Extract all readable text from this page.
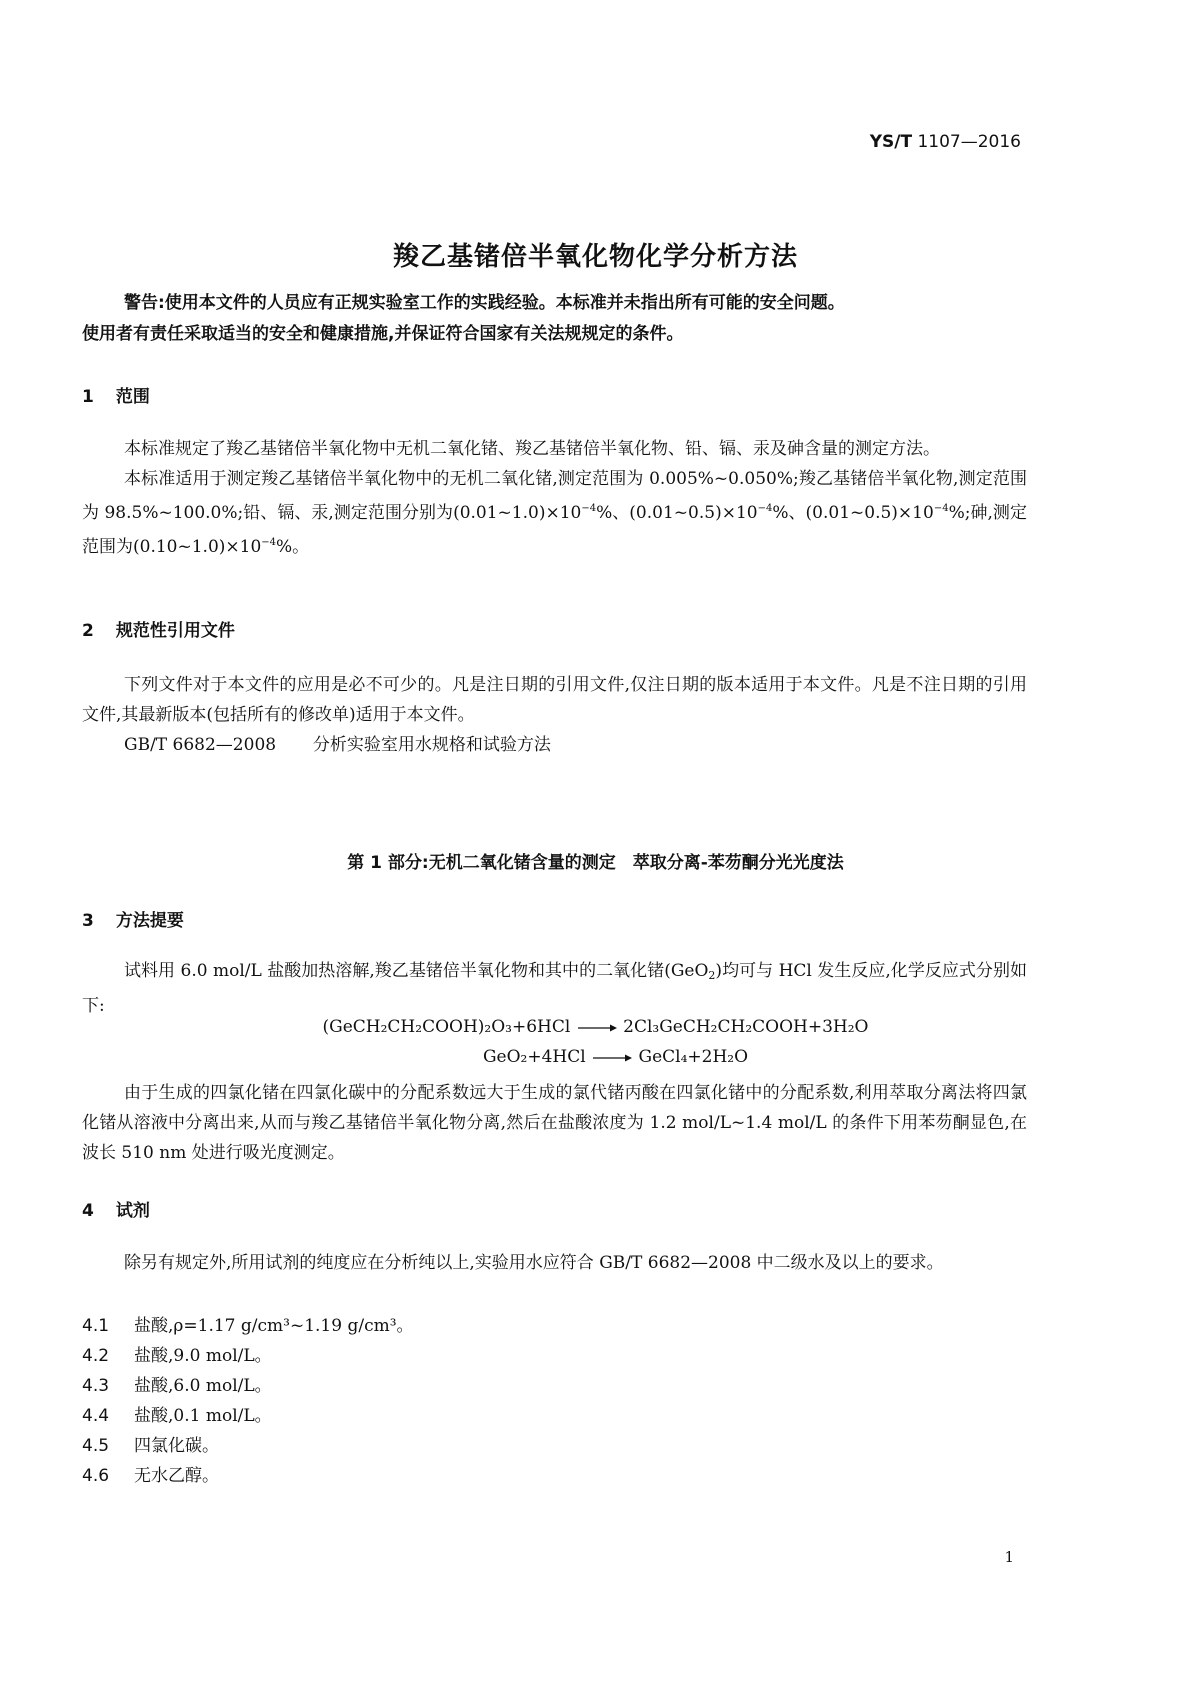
YS/T 1107—2016
羧乙基锗倍半氧化物化学分析方法
警告:使用本文件的人员应有正规实验室工作的实践经验。本标准并未指出所有可能的安全问题。
使用者有责任采取适当的安全和健康措施,并保证符合国家有关法规规定的条件。
1 范围
本标准规定了羧乙基锗倍半氧化物中无机二氧化锗、羧乙基锗倍半氧化物、铅、镉、汞及砷含量的测定方法。
本标准适用于测定羧乙基锗倍半氧化物中的无机二氧化锗,测定范围为 0.005%~0.050%;羧乙基锗倍半氧化物,测定范围为 98.5%~100.0%;铅、镉、汞,测定范围分别为$(0.01\sim 1.0)\times 10^{-4}\%$、$(0.01\sim 0.5)\times 10^{-4}\%$、$(0.01\sim 0.5)\times 10^{-4}\%$;砷,测定范围为$(0.10\sim 1.0)\times 10^{-4}\%$。
2 规范性引用文件
下列文件对于本文件的应用是必不可少的。凡是注日期的引用文件,仅注日期的版本适用于本文件。凡是不注日期的引用文件,其最新版本(包括所有的修改单)适用于本文件。
GB/T 6682—2008 分析实验室用水规格和试验方法
第 1 部分:无机二氧化锗含量的测定　萃取分离-苯芴酮分光光度法
3 方法提要
试料用 6.0 mol/L 盐酸加热溶解,羧乙基锗倍半氧化物和其中的二氧化锗(GeO$_2$)均可与 HCl 发生反应,化学反应式分别如下:
(GeCH₂CH₂COOH)₂O₃+6HCl → 2Cl₃GeCH₂CH₂COOH+3H₂O
GeO₂+4HCl → GeCl₄+2H₂O
由于生成的四氯化锗在四氯化碳中的分配系数远大于生成的氯代锗丙酸在四氯化锗中的分配系数,利用萃取分离法将四氯化锗从溶液中分离出来,从而与羧乙基锗倍半氧化物分离,然后在盐酸浓度为 1.2 mol/L~1.4 mol/L 的条件下用苯芴酮显色,在波长 510 nm 处进行吸光度测定。
4 试剂
除另有规定外,所用试剂的纯度应在分析纯以上,实验用水应符合 GB/T 6682—2008 中二级水及以上的要求。
4.1 盐酸,ρ=1.17 g/cm³~1.19 g/cm³。
4.2 盐酸,9.0 mol/L。
4.3 盐酸,6.0 mol/L。
4.4 盐酸,0.1 mol/L。
4.5 四氯化碳。
4.6 无水乙醇。
1
